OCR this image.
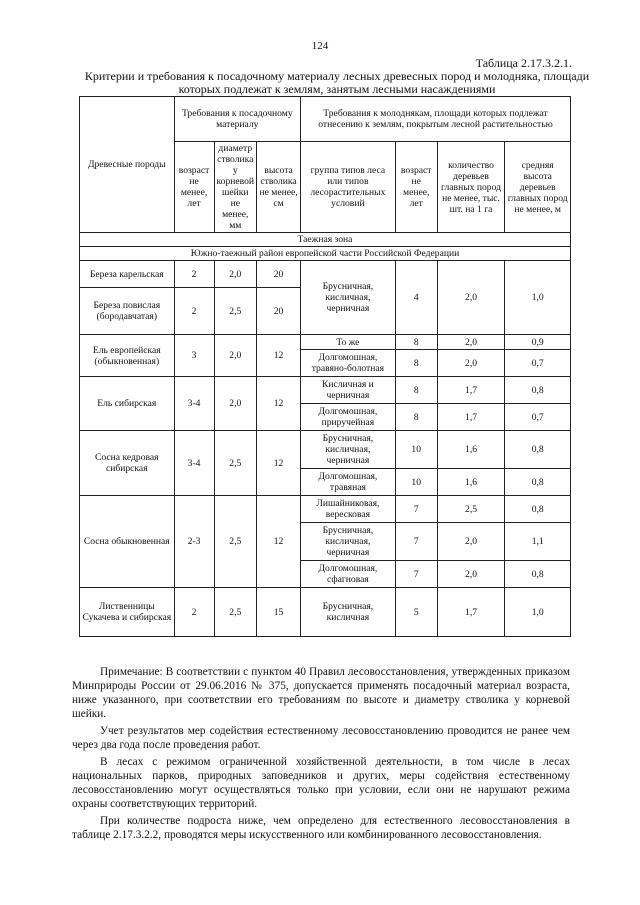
124
Таблица 2.17.3.2.1.
Критерии и требования к посадочному материалу лесных древесных пород и молодняка, площади которых подлежат к землям, занятым лесными насаждениями
Древесные породы	Требования к посадочному материалу			Требования к молоднякам, площади которых подлежат отнесению к землям, покрытым лесной растительностью			
	возраст не менее, лет	диаметр стволика у корневой шейки не менее, мм	высота стволика не менее, см	группа типов леса или типов лесорастительных условий	возраст не менее, лет	количество деревьев главных пород не менее, тыс. шт. на 1 га	средняя высота деревьев главных пород не менее, м
Таежная зона							
Южно-таежный район европейской части Российской Федерации							
Береза карельская	2	2,0	20	Брусничная, кисличная, черничная	4	2,0	1,0
Береза повислая (бородавчатая)	2	2,5	20				
Ель европейская (обыкновенная)	3	2,0	12	То же	8	2,0	0,9
				Долгомошная, травяно-болотная	8	2,0	0,7
Ель сибирская	3-4	2,0	12	Кисличная и черничная	8	1,7	0,8
				Долгомошная, приручейная	8	1,7	0,7
Сосна кедровая сибирская	3-4	2,5	12	Брусничная, кисличная, черничная	10	1,6	0,8
				Долгомошная, травяная	10	1,6	0,8
Сосна обыкновенная	2-3	2,5	12	Лишайниковая, вересковая	7	2,5	0,8
				Брусничная, кисличная, черничная	7	2,0	1,1
				Долгомошная, сфагновая	7	2,0	0,8
Лиственницы Сукачева и сибирская	2	2,5	15	Брусничная, кисличная	5	1,7	1,0

Примечание: В соответствии с пунктом 40 Правил лесовосстановления, утвержденных приказом Минприроды России от 29.06.2016 № 375, допускается применять посадочный материал возраста, ниже указанного, при соответствии его требованиям по высоте и диаметру стволика у корневой шейки.

Учет результатов мер содействия естественному лесовосстановлению проводится не ранее чем через два года после проведения работ.

В лесах с режимом ограниченной хозяйственной деятельности, в том числе в лесах национальных парков, природных заповедников и других, меры содействия естественному лесовосстановлению могут осуществляться только при условии, если они не нарушают режима охраны соответствующих территорий.

При количестве подроста ниже, чем определено для естественного лесовосстановления в таблице 2.17.3.2.2, проводятся меры искусственного или комбинированного лесовосстановления.
